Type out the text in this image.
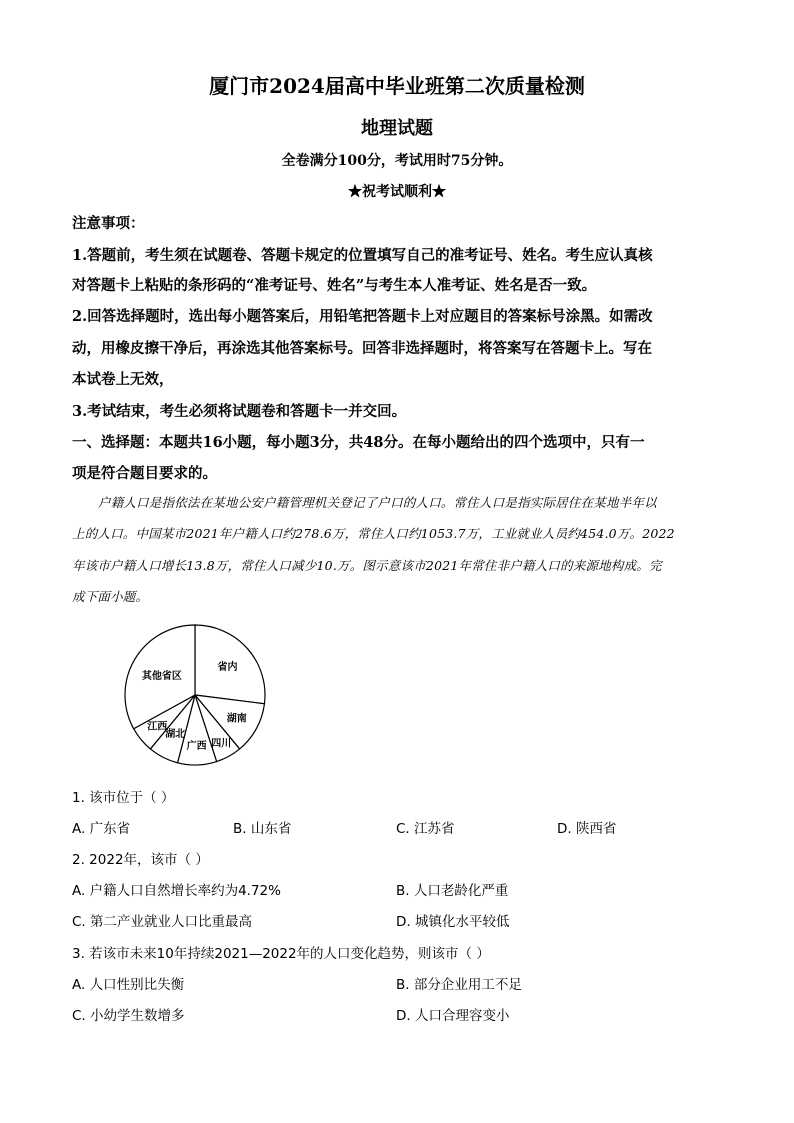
厦门市2024届高中毕业班第二次质量检测
地理试题
全卷满分100分，考试用时75分钟。
★祝考试顺利★
注意事项：
1.答题前，考生须在试题卷、答题卡规定的位置填写自己的准考证号、姓名。考生应认真核
对答题卡上粘贴的条形码的“准考证号、姓名”与考生本人准考证、姓名是否一致。
2.回答选择题时，选出每小题答案后，用铅笔把答题卡上对应题目的答案标号涂黑。如需改
动，用橡皮擦干净后，再涂选其他答案标号。回答非选择题时，将答案写在答题卡上。写在
本试卷上无效，
3.考试结束，考生必须将试题卷和答题卡一并交回。
一、选择题：本题共16小题，每小题3分，共48分。在每小题给出的四个选项中，只有一
项是符合题目要求的。
户籍人口是指依法在某地公安户籍管理机关登记了户口的人口。常住人口是指实际居住在某地半年以
上的人口。中国某市2021年户籍人口约278.6万，常住人口约1053.7万，工业就业人员约454.0万。2022
年该市户籍人口增长13.8万，常住人口减少10.万。图示意该市2021年常住非户籍人口的来源地构成。完
成下面小题。
省内
湖南
四川
广西
湖北
江西
其他省区
1. 该市位于（ ）
A. 广东省	B. 山东省	C. 江苏省	D. 陕西省
2. 2022年，该市（ ）
A. 户籍人口自然增长率约为4.72%	B. 人口老龄化严重
C. 第二产业就业人口比重最高	D. 城镇化水平较低
3. 若该市未来10年持续2021—2022年的人口变化趋势，则该市（ ）
A. 人口性别比失衡	B. 部分企业用工不足
C. 小幼学生数增多	D. 人口合理容变小
